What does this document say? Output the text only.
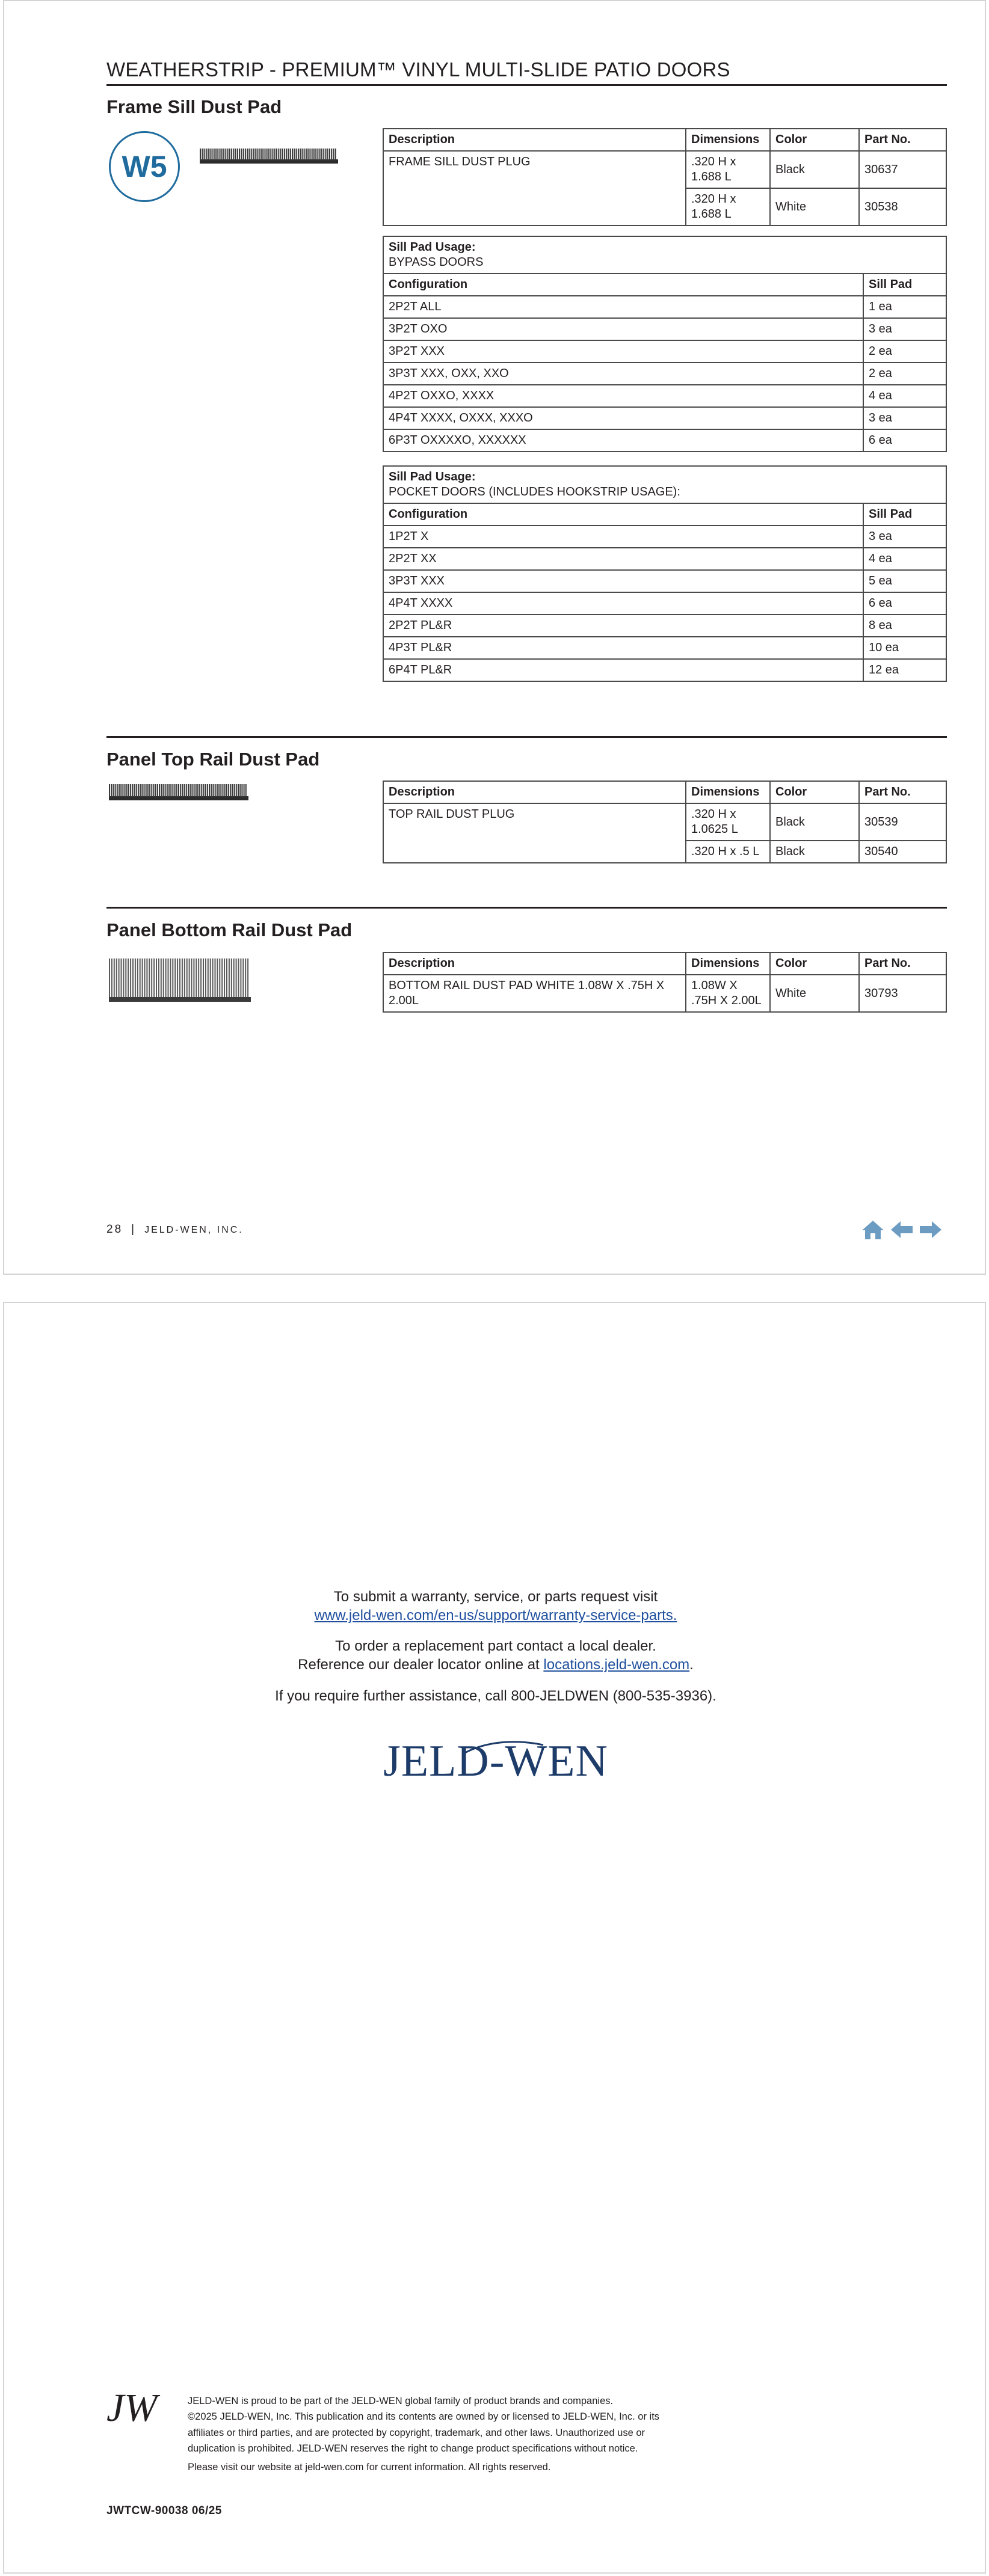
WEATHERSTRIP - PREMIUM™ VINYL MULTI-SLIDE PATIO DOORS
Frame Sill Dust Pad
W5
Description	Dimensions	Color	Part No.
FRAME SILL DUST PLUG	.320 H x 1.688 L	Black	30637
	.320 H x 1.688 L	White	30538
Sill Pad Usage:
BYPASS DOORS	
Configuration	Sill Pad
2P2T ALL	1 ea
3P2T OXO	3 ea
3P2T XXX	2 ea
3P3T XXX, OXX, XXO	2 ea
4P2T OXXO, XXXX	4 ea
4P4T XXXX, OXXX, XXXO	3 ea
6P3T OXXXXO, XXXXXX	6 ea
Sill Pad Usage:
POCKET DOORS (INCLUDES HOOKSTRIP USAGE):	
Configuration	Sill Pad
1P2T X	3 ea
2P2T XX	4 ea
3P3T XXX	5 ea
4P4T XXXX	6 ea
2P2T PL&R	8 ea
4P3T PL&R	10 ea
6P4T PL&R	12 ea
Panel Top Rail Dust Pad
Description	Dimensions	Color	Part No.
TOP RAIL DUST PLUG	.320 H x 1.0625 L	Black	30539
	.320 H x .5 L	Black	30540
Panel Bottom Rail Dust Pad
Description	Dimensions	Color	Part No.
BOTTOM RAIL DUST PAD WHITE 1.08W X .75H X 2.00L	1.08W X .75H X 2.00L	White	30793
28 | JELD-WEN, INC.
To submit a warranty, service, or parts request visit
www.jeld-wen.com/en-us/support/warranty-service-parts.
To order a replacement part contact a local dealer.
Reference our dealer locator online at locations.jeld-wen.com.
If you require further assistance, call 800-JELDWEN (800-535-3936).
JELD-WEN
JW	JELD-WEN is proud to be part of the JELD-WEN global family of product brands and companies.
©2025 JELD-WEN, Inc. This publication and its contents are owned by or licensed to JELD-WEN, Inc. or its
affiliates or third parties, and are protected by copyright, trademark, and other laws. Unauthorized use or
duplication is prohibited. JELD-WEN reserves the right to change product specifications without notice.
Please visit our website at jeld-wen.com for current information. All rights reserved.
JWTCW-90038 06/25
